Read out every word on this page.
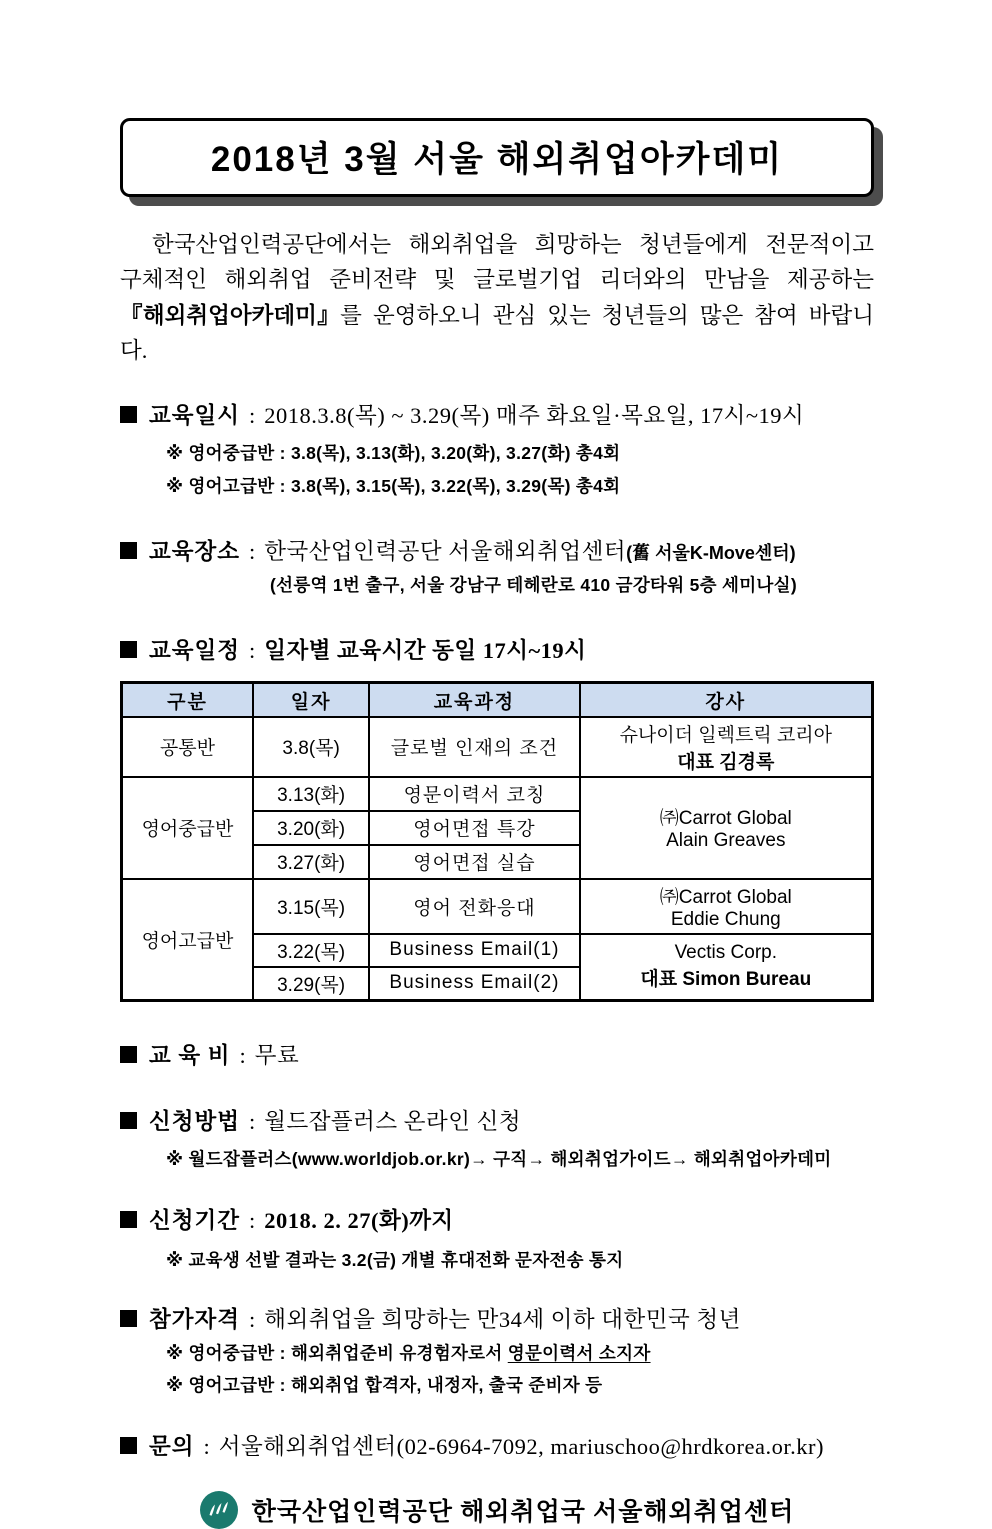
2018년 3월 서울 해외취업아카데미

한국산업인력공단에서는 해외취업을 희망하는 청년들에게 전문적이고 구체적인 해외취업 준비전략 및 글로벌기업 리더와의 만남을 제공하는 『해외취업아카데미』를 운영하오니 관심 있는 청년들의 많은 참여 바랍니다.

교육일시 : 2018.3.8(목) ~ 3.29(목) 매주 화요일·목요일, 17시~19시
※ 영어중급반 : 3.8(목), 3.13(화), 3.20(화), 3.27(화) 총4회
※ 영어고급반 : 3.8(목), 3.15(목), 3.22(목), 3.29(목) 총4회
교육장소 : 한국산업인력공단 서울해외취업센터(舊 서울K-Move센터)
(선릉역 1번 출구, 서울 강남구 테헤란로 410 금강타워 5층 세미나실)
교육일정 : 일자별 교육시간 동일 17시~19시
구분	일자	교육과정	강사
공통반	3.8(목)	글로벌 인재의 조건	슈나이더 일렉트릭 코리아
대표 김경록

영어중급반	3.13(화)	영문이력서 코칭	㈜Carrot Global
Alain Greaves

	3.20(화)	영어면접 특강	
	3.27(화)	영어면접 실습	
영어고급반	3.15(목)	영어 전화응대	㈜Carrot Global
Eddie Chung

	3.22(목)	Business Email(1)	Vectis Corp.
대표 Simon Bureau

	3.29(목)	Business Email(2)	
교 육 비 : 무료
신청방법 : 월드잡플러스 온라인 신청
※ 월드잡플러스(www.worldjob.or.kr)→ 구직→ 해외취업가이드→ 해외취업아카데미
신청기간 : 2018. 2. 27(화)까지
※ 교육생 선발 결과는 3.2(금) 개별 휴대전화 문자전송 통지
참가자격 : 해외취업을 희망하는 만34세 이하 대한민국 청년
※ 영어중급반 : 해외취업준비 유경험자로서 영문이력서 소지자
※ 영어고급반 : 해외취업 합격자, 내정자, 출국 준비자 등
문의 : 서울해외취업센터(02-6964-7092, mariuschoo@hrdkorea.or.kr)
한국산업인력공단 해외취업국 서울해외취업센터
